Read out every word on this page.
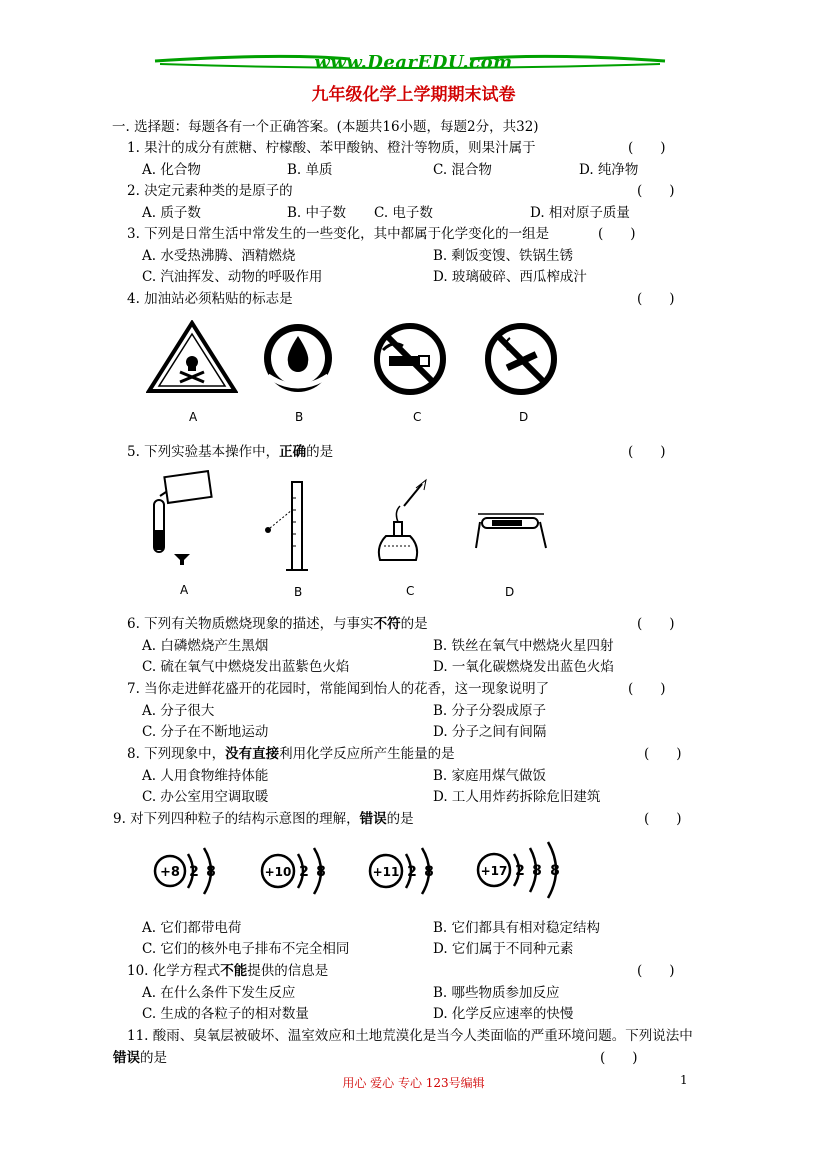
www.DearEDU.com
九年级化学上学期期末试卷
一. 选择题：每题各有一个正确答案。(本题共16小题，每题2分，共32)
1. 果汁的成分有蔗糖、柠檬酸、苯甲酸钠、橙汁等物质，则果汁属于	(　　)
A. 化合物	B. 单质	C. 混合物	D. 纯净物
2. 决定元素种类的是原子的	(　　)
A. 质子数	B. 中子数 C. 电子数	D. 相对原子质量
3. 下列是日常生活中常发生的一些变化，其中都属于化学变化的一组是	(　　)
A. 水受热沸腾、酒精燃烧	B. 剩饭变馊、铁锅生锈
C. 汽油挥发、动物的呼吸作用	D. 玻璃破碎、西瓜榨成汁
4. 加油站必须粘贴的标志是	(　　)
A	B	C	D
5. 下列实验基本操作中，正确的是	(　　)
A	B	C	D
6. 下列有关物质燃烧现象的描述，与事实不符的是	(　　)
A. 白磷燃烧产生黑烟	B. 铁丝在氧气中燃烧火星四射
C. 硫在氧气中燃烧发出蓝紫色火焰	D. 一氧化碳燃烧发出蓝色火焰
7. 当你走进鲜花盛开的花园时，常能闻到怡人的花香，这一现象说明了	(　　)
A. 分子很大	B. 分子分裂成原子
C. 分子在不断地运动	D. 分子之间有间隔
8. 下列现象中，没有直接利用化学反应所产生能量的是	(　　)
A. 人用食物维持体能	B. 家庭用煤气做饭
C. 办公室用空调取暖	D. 工人用炸药拆除危旧建筑
9. 对下列四种粒子的结构示意图的理解，错误的是	(　　)
+8 2 8	+10 2 8	+11 2 8	+17 2 8 8
A. 它们都带电荷	B. 它们都具有相对稳定结构
C. 它们的核外电子排布不完全相同	D. 它们属于不同种元素
10. 化学方程式不能提供的信息是	(　　)
A. 在什么条件下发生反应	B. 哪些物质参加反应
C. 生成的各粒子的相对数量	D. 化学反应速率的快慢
11. 酸雨、臭氧层被破坏、温室效应和土地荒漠化是当今人类面临的严重环境问题。下列说法中
错误的是	(　　)
用心 爱心 专心 123号编辑	1
